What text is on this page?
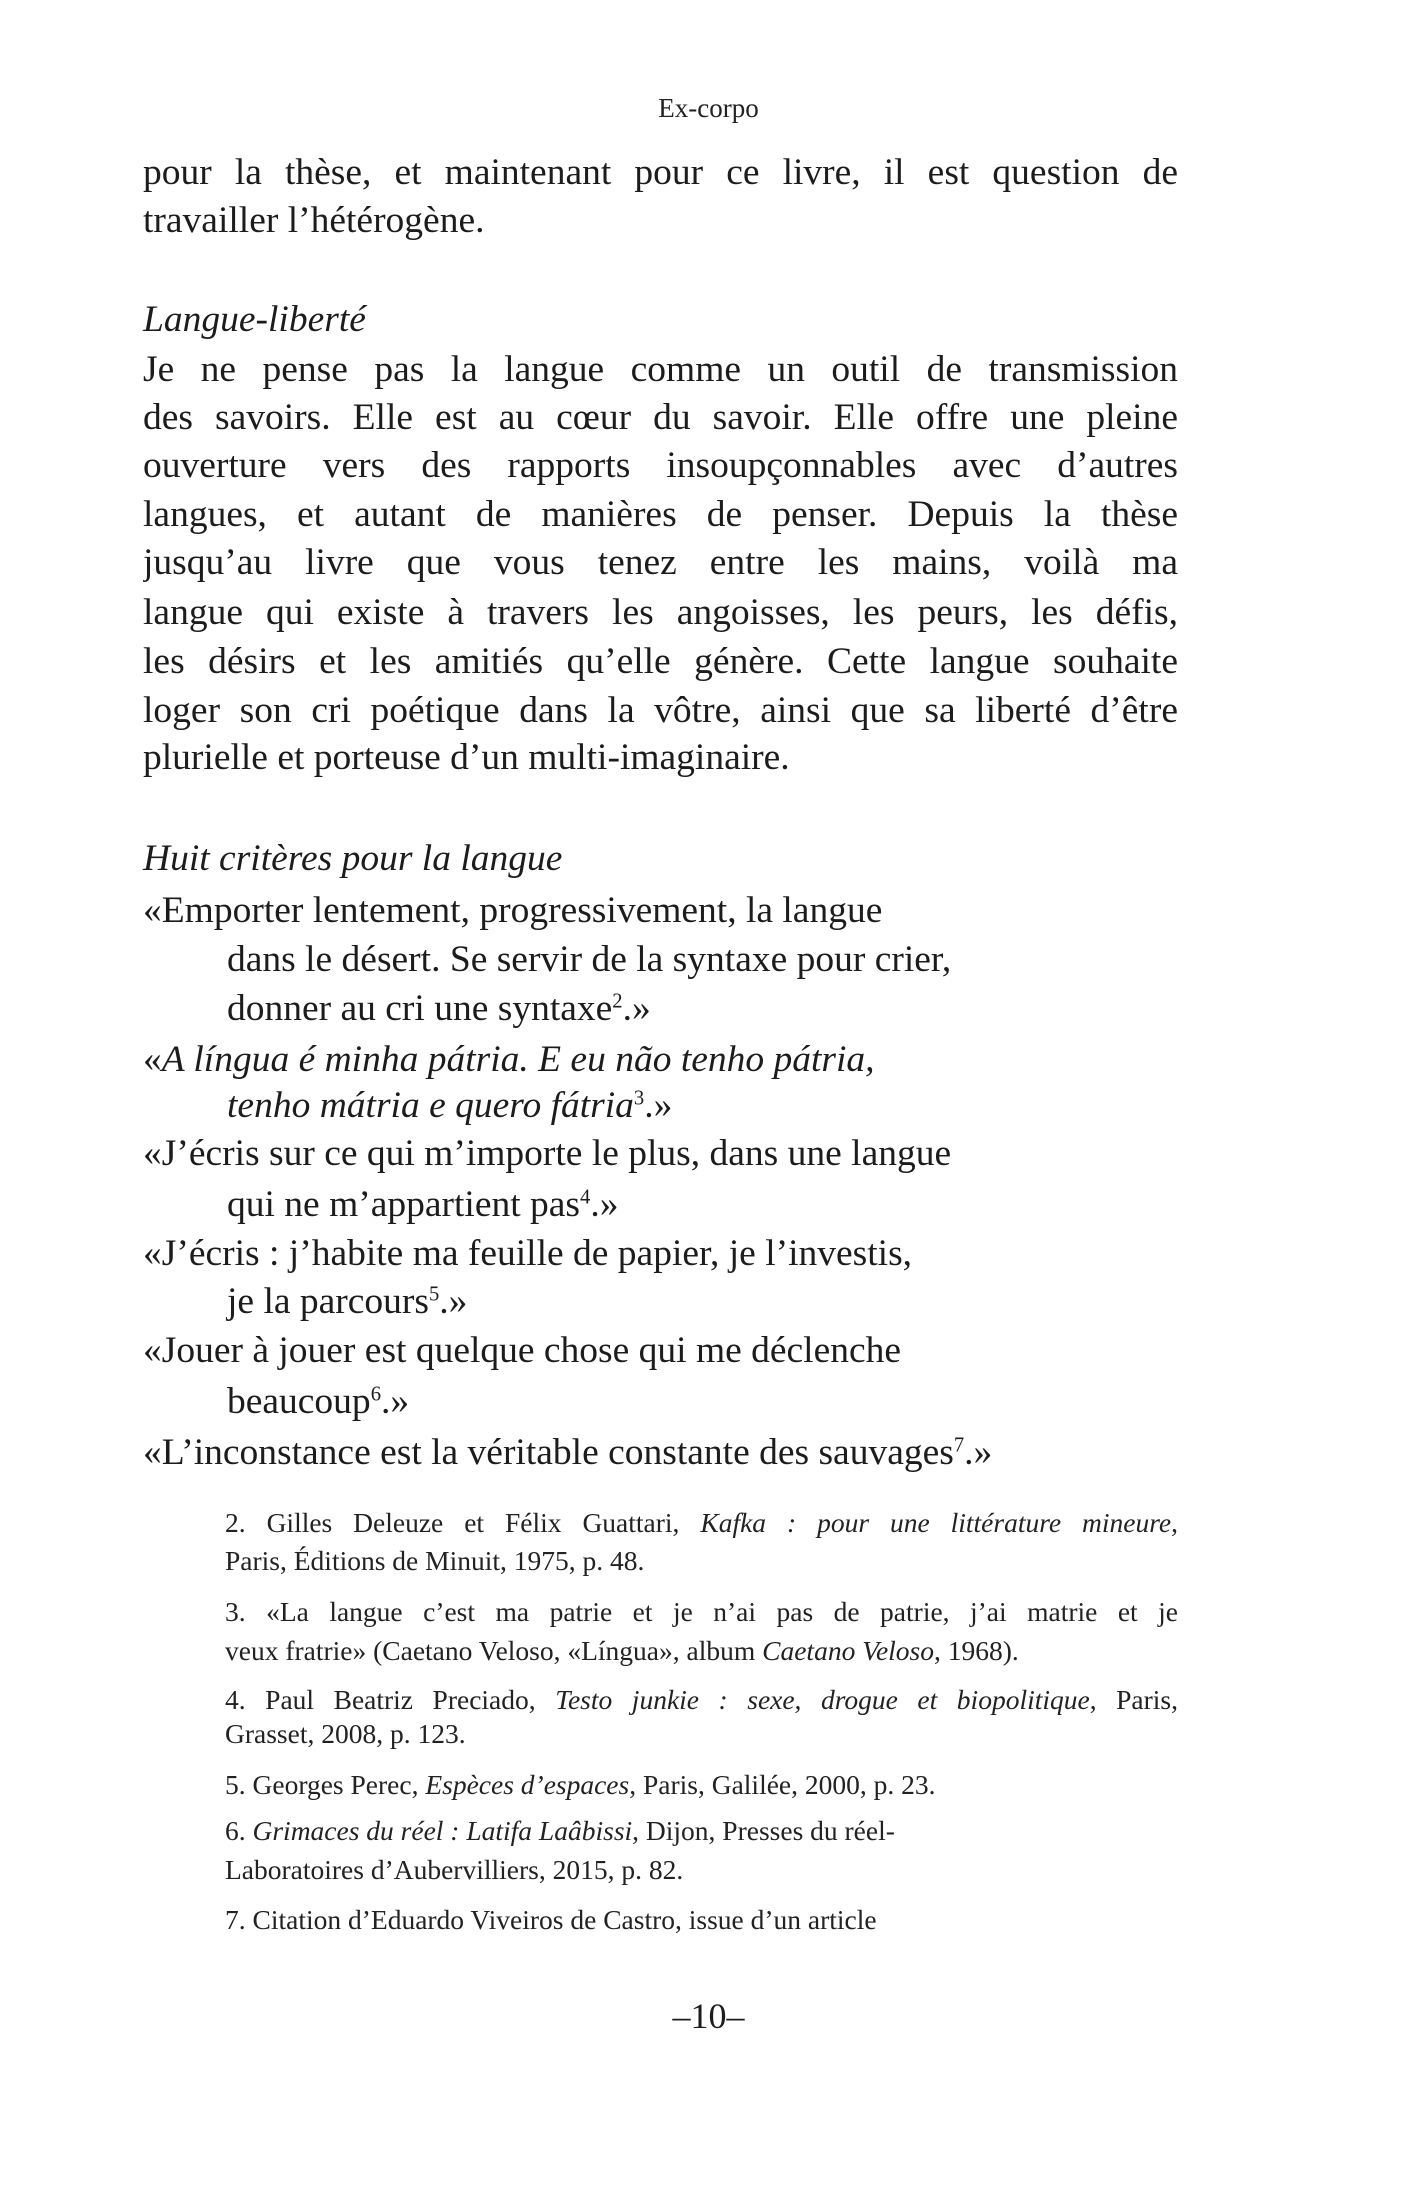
Ex-corpo
pour la thèse, et maintenant pour ce livre, il est question de
travailler l’hétérogène.
Langue-liberté
Je ne pense pas la langue comme un outil de transmission
des savoirs. Elle est au cœur du savoir. Elle offre une pleine
ouverture vers des rapports insoupçonnables avec d’autres
langues, et autant de manières de penser. Depuis la thèse
jusqu’au livre que vous tenez entre les mains, voilà ma
langue qui existe à travers les angoisses, les peurs, les défis,
les désirs et les amitiés qu’elle génère. Cette langue souhaite
loger son cri poétique dans la vôtre, ainsi que sa liberté d’être
plurielle et porteuse d’un multi-imaginaire.
Huit critères pour la langue
«Emporter lentement, progressivement, la langue
dans le désert. Se servir de la syntaxe pour crier,
donner au cri une syntaxe$^2$.»
«A língua é minha pátria. E eu não tenho pátria,
tenho mátria e quero fátria$^3$.»
«J’écris sur ce qui m’importe le plus, dans une langue
qui ne m’appartient pas$^4$.»
«J’écris : j’habite ma feuille de papier, je l’investis,
je la parcours$^5$.»
«Jouer à jouer est quelque chose qui me déclenche
beaucoup$^6$.»
«L’inconstance est la véritable constante des sauvages$^7$.»
2. Gilles Deleuze et Félix Guattari, Kafka : pour une littérature mineure,
Paris, Éditions de Minuit, 1975, p. 48.
3. «La langue c’est ma patrie et je n’ai pas de patrie, j’ai matrie et je
veux fratrie» (Caetano Veloso, «Língua», album Caetano Veloso, 1968).
4. Paul Beatriz Preciado, Testo junkie : sexe, drogue et biopolitique, Paris,
Grasset, 2008, p. 123.
5. Georges Perec, Espèces d’espaces, Paris, Galilée, 2000, p. 23.
6. Grimaces du réel : Latifa Laâbissi, Dijon, Presses du réel-
Laboratoires d’Aubervilliers, 2015, p. 82.
7. Citation d’Eduardo Viveiros de Castro, issue d’un article
–10–
